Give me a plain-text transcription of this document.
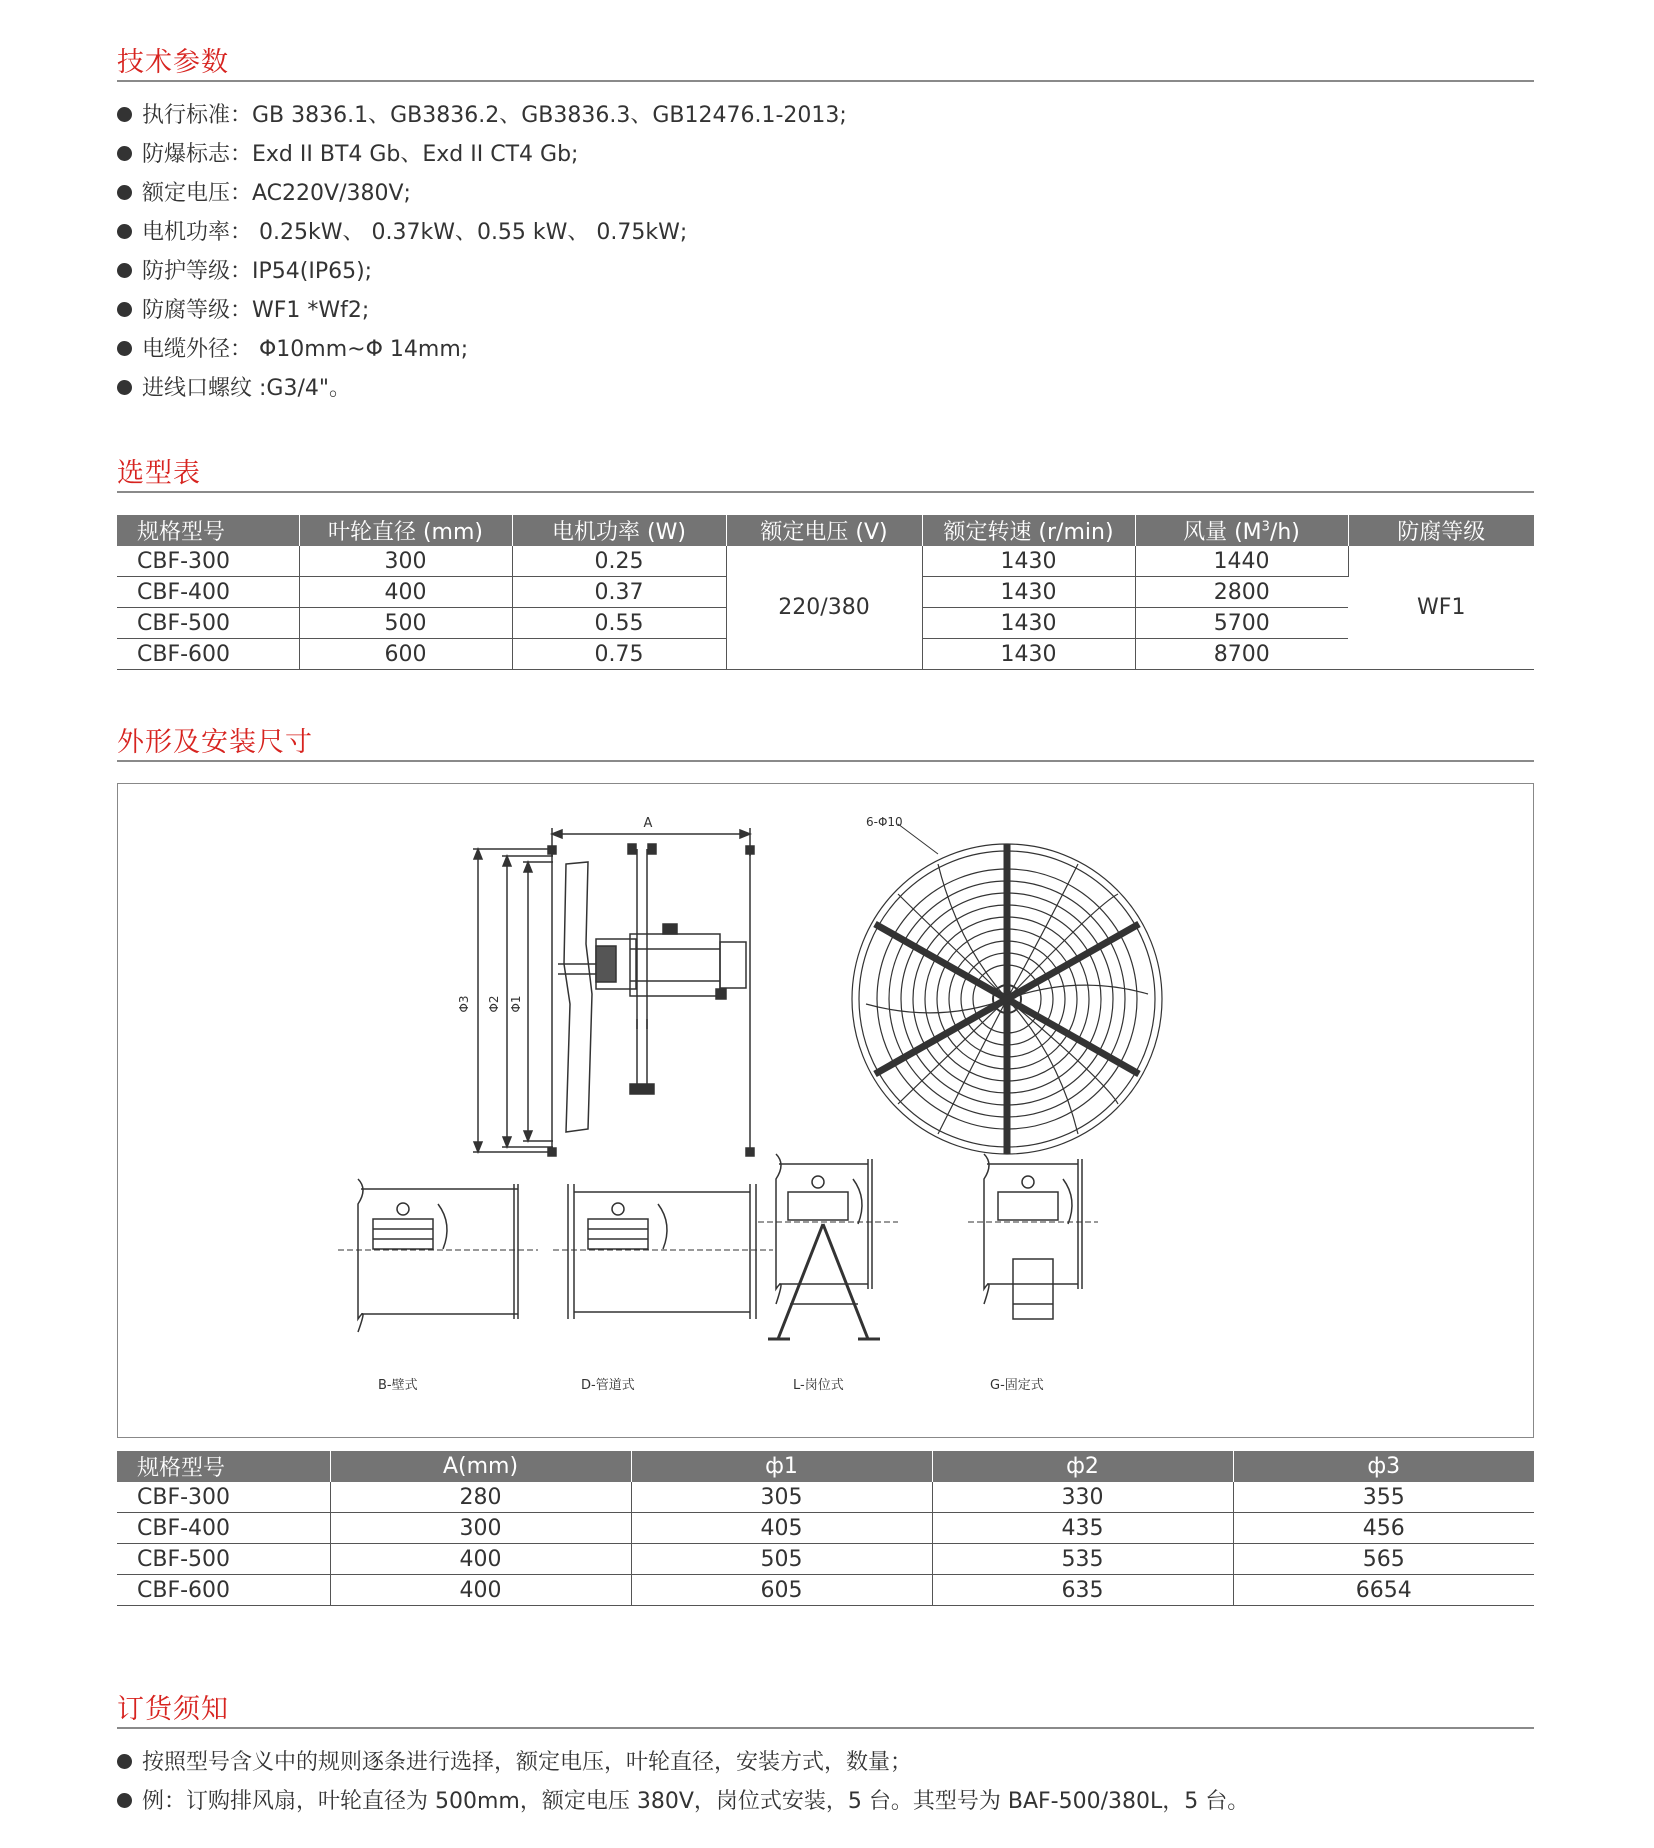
技术参数
执行标准：GB 3836.1、GB3836.2、GB3836.3、GB12476.1-2013;
防爆标志：Exd II BT4 Gb、Exd II CT4 Gb;
额定电压：AC220V/380V;
电机功率： 0.25kW、 0.37kW、0.55 kW、 0.75kW;
防护等级：IP54(IP65);
防腐等级：WF1 *Wf2;
电缆外径： Φ10mm~Φ 14mm;
进线口螺纹 :G3/4"。
选型表
规格型号	叶轮直径 (mm)	电机功率 (W)	额定电压 (V)	额定转速 (r/min)	风量 $(M^3/h)$	防腐等级
CBF-300	300	0.25	220/380	1430	1440	WF1
CBF-400	400	0.37		1430	2800	
CBF-500	500	0.55		1430	5700	
CBF-600	600	0.75		1430	8700	
外形及安装尺寸
A
Φ3 Φ2 Φ1
6-Φ10
B-壁式	D-管道式	L-岗位式	G-固定式
规格型号	A(mm)	ф1	ф2	ф3
CBF-300	280	305	330	355
CBF-400	300	405	435	456
CBF-500	400	505	535	565
CBF-600	400	605	635	6654
订货须知
按照型号含义中的规则逐条进行选择，额定电压，叶轮直径，安装方式，数量；
例：订购排风扇，叶轮直径为 500mm，额定电压 380V，岗位式安装，5 台。其型号为 BAF-500/380L，5 台。
